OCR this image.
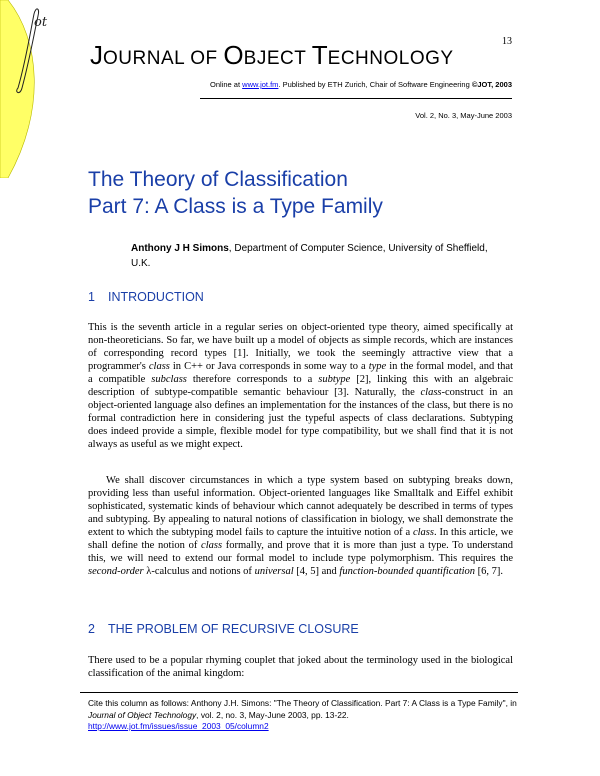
ot
13
JOURNAL OF OBJECT TECHNOLOGY
Online at www.jot.fm. Published by ETH Zurich, Chair of Software Engineering ©JOT, 2003
Vol. 2, No. 3, May-June 2003
The Theory of Classification
Part 7: A Class is a Type Family
Anthony J H Simons, Department of Computer Science, University of Sheffield, U.K.
1 INTRODUCTION
This is the seventh article in a regular series on object-oriented type theory, aimed specifically at non-theoreticians. So far, we have built up a model of objects as simple records, which are instances of corresponding record types [1]. Initially, we took the seemingly attractive view that a programmer's class in C++ or Java corresponds in some way to a type in the formal model, and that a compatible subclass therefore corresponds to a subtype [2], linking this with an algebraic description of subtype-compatible semantic behaviour [3]. Naturally, the class-construct in an object-oriented language also defines an implementation for the instances of the class, but there is no formal contradiction here in considering just the typeful aspects of class declarations. Subtyping does indeed provide a simple, flexible model for type compatibility, but we shall find that it is not always as useful as we might expect.
We shall discover circumstances in which a type system based on subtyping breaks down, providing less than useful information. Object-oriented languages like Smalltalk and Eiffel exhibit sophisticated, systematic kinds of behaviour which cannot adequately be described in terms of types and subtyping. By appealing to natural notions of classification in biology, we shall demonstrate the extent to which the subtyping model fails to capture the intuitive notion of a class. In this article, we shall define the notion of class formally, and prove that it is more than just a type. To understand this, we will need to extend our formal model to include type polymorphism. This requires the second-order λ-calculus and notions of universal [4, 5] and function-bounded quantification [6, 7].
2 THE PROBLEM OF RECURSIVE CLOSURE
There used to be a popular rhyming couplet that joked about the terminology used in the biological classification of the animal kingdom:
Cite this column as follows: Anthony J.H. Simons: "The Theory of Classification. Part 7: A Class is a Type Family", in Journal of Object Technology, vol. 2, no. 3, May-June 2003, pp. 13-22.
http://www.jot.fm/issues/issue_2003_05/column2
